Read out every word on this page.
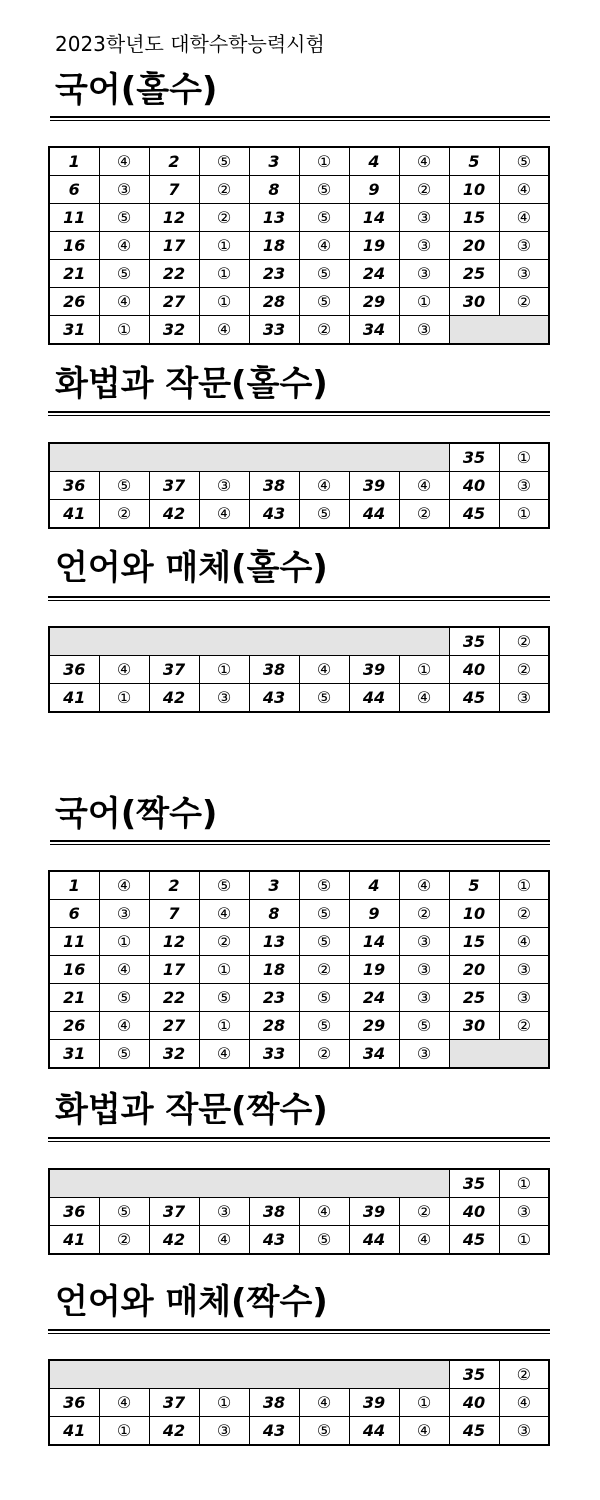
2023학년도 대학수학능력시험
국어(홀수)
1	④	2	⑤	3	①	4	④	5	⑤
6	③	7	②	8	⑤	9	②	10	④
11	⑤	12	②	13	⑤	14	③	15	④
16	④	17	①	18	④	19	③	20	③
21	⑤	22	①	23	⑤	24	③	25	③
26	④	27	①	28	⑤	29	①	30	②
31	①	32	④	33	②	34	③		
화법과 작문(홀수)
								35	①
36	⑤	37	③	38	④	39	④	40	③
41	②	42	④	43	⑤	44	②	45	①
언어와 매체(홀수)
								35	②
36	④	37	①	38	④	39	①	40	②
41	①	42	③	43	⑤	44	④	45	③
국어(짝수)
1	④	2	⑤	3	⑤	4	④	5	①
6	③	7	④	8	⑤	9	②	10	②
11	①	12	②	13	⑤	14	③	15	④
16	④	17	①	18	②	19	③	20	③
21	⑤	22	⑤	23	⑤	24	③	25	③
26	④	27	①	28	⑤	29	⑤	30	②
31	⑤	32	④	33	②	34	③		
화법과 작문(짝수)
								35	①
36	⑤	37	③	38	④	39	②	40	③
41	②	42	④	43	⑤	44	④	45	①
언어와 매체(짝수)
								35	②
36	④	37	①	38	④	39	①	40	④
41	①	42	③	43	⑤	44	④	45	③
